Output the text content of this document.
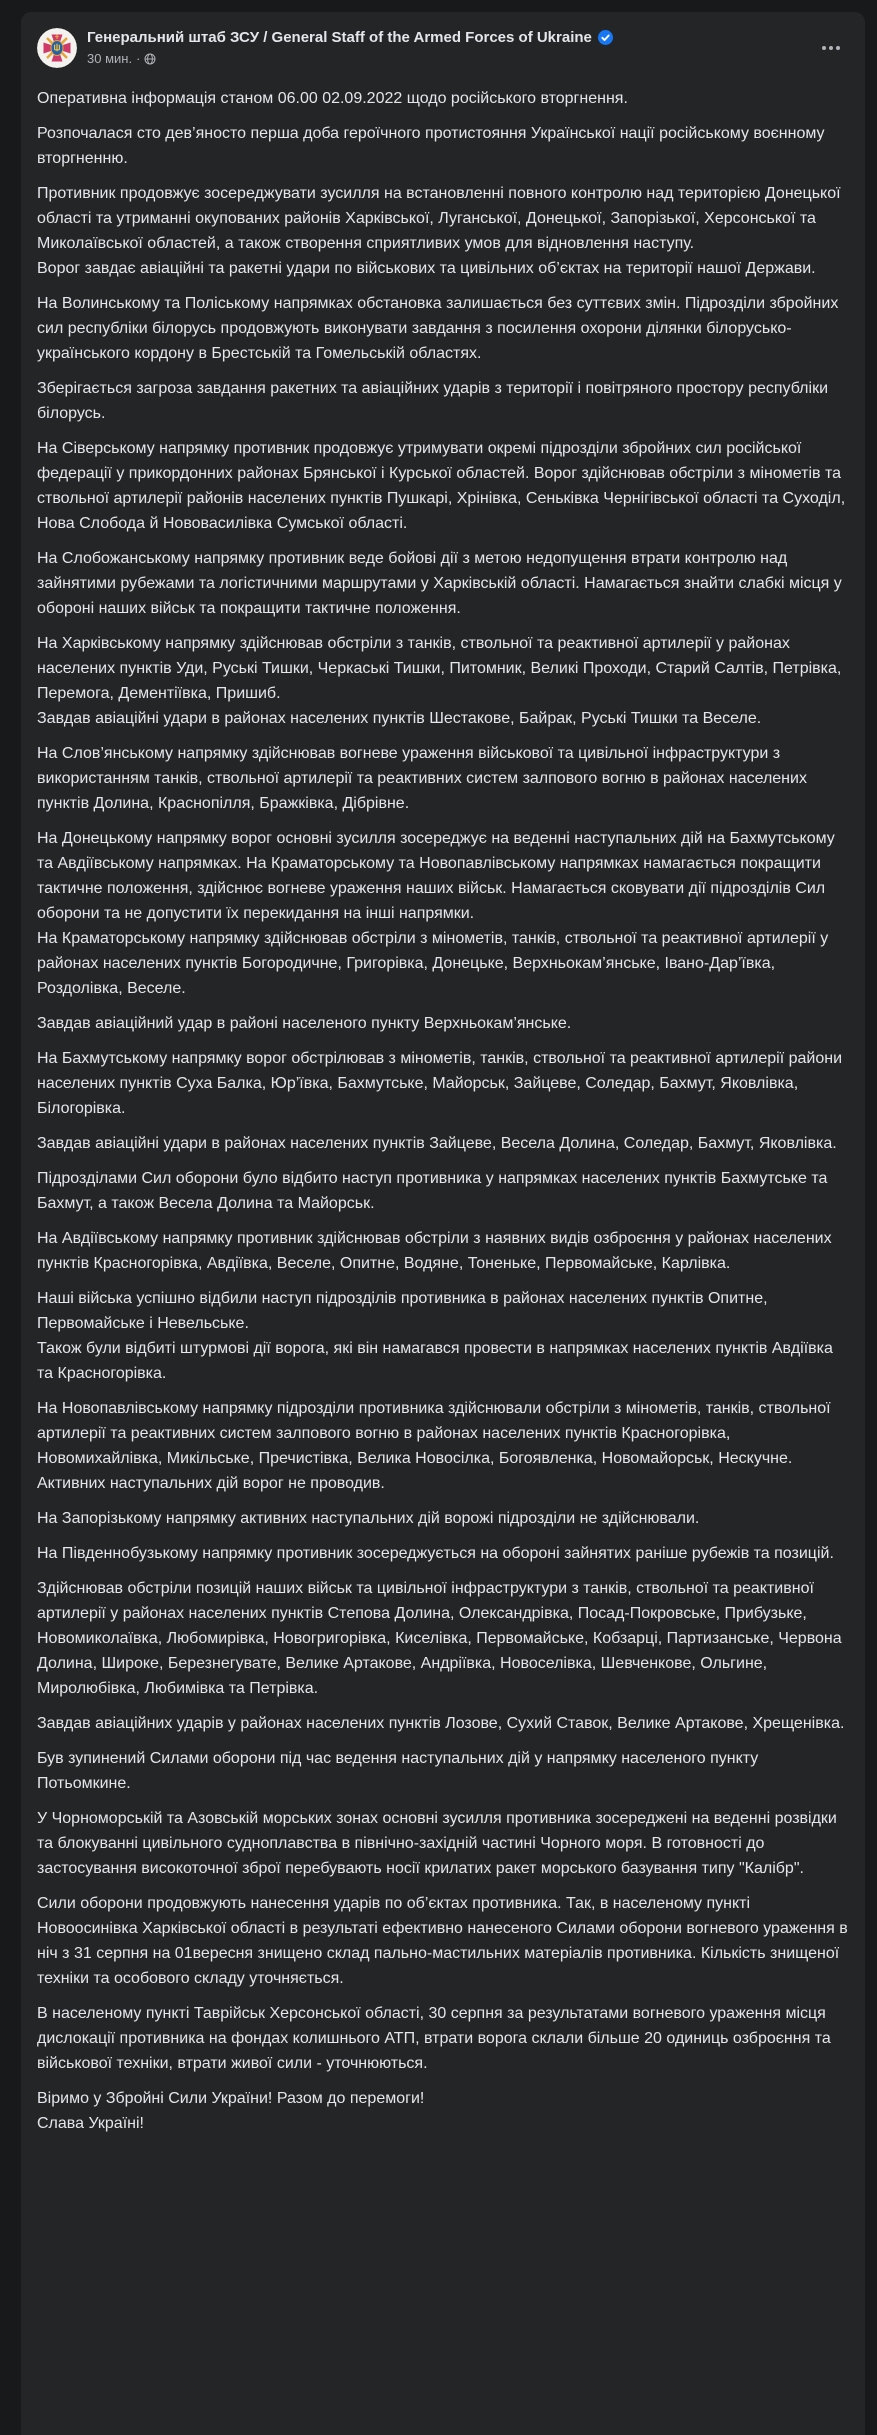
Генеральний штаб ЗСУ / General Staff of the Armed Forces of Ukraine
30 мин. ·
Оперативна інформація станом 06.00 02.09.2022 щодо російського вторгнення.
Розпочалася сто дев’яносто перша доба героїчного протистояння Української нації російському воєнному вторгненню.
Противник продовжує зосереджувати зусилля на встановленні повного контролю над територією Донецької області та утриманні окупованих районів Харківської, Луганської, Донецької, Запорізької, Херсонської та Миколаївської областей, а також створення сприятливих умов для відновлення наступу.
Ворог завдає авіаційні та ракетні удари по військових та цивільних об’єктах на території нашої Держави.
На Волинському та Поліському напрямках обстановка залишається без суттєвих змін. Підрозділи збройних сил республіки білорусь продовжують виконувати завдання з посилення охорони ділянки білорусько-українського кордону в Брестській та Гомельській областях.
Зберігається загроза завдання ракетних та авіаційних ударів з території і повітряного простору республіки білорусь.
На Сіверському напрямку противник продовжує утримувати окремі підрозділи збройних сил російської федерації у прикордонних районах Брянської і Курської областей. Ворог здійснював обстріли з мінометів та ствольної артилерії районів населених пунктів Пушкарі, Хрінівка, Сеньківка Чернігівської області та Суходіл, Нова Слобода й Нововасилівка Сумської області.
На Слобожанському напрямку противник веде бойові дії з метою недопущення втрати контролю над зайнятими рубежами та логістичними маршрутами у Харківській області. Намагається знайти слабкі місця у обороні наших військ та покращити тактичне положення.
На Харківському напрямку здійснював обстріли з танків, ствольної та реактивної артилерії у районах населених пунктів Уди, Руські Тишки, Черкаські Тишки, Питомник, Великі Проходи, Старий Салтів, Петрівка, Перемога, Дементіївка, Пришиб.
Завдав авіаційні удари в районах населених пунктів Шестакове, Байрак, Руські Тишки та Веселе.
На Слов’янському напрямку здійснював вогневе ураження військової та цивільної інфраструктури з використанням танків, ствольної артилерії та реактивних систем залпового вогню в районах населених пунктів Долина, Краснопілля, Бражківка, Дібрівне.
На Донецькому напрямку ворог основні зусилля зосереджує на веденні наступальних дій на Бахмутському та Авдіївському напрямках. На Краматорському та Новопавлівському напрямках намагається покращити тактичне положення, здійснює вогневе ураження наших військ. Намагається сковувати дії підрозділів Сил оборони та не допустити їх перекидання на інші напрямки.
На Краматорському напрямку здійснював обстріли з мінометів, танків, ствольної та реактивної артилерії у районах населених пунктів Богородичне, Григорівка, Донецьке, Верхньокам’янське, Івано-Дар’ївка, Роздолівка, Веселе.
Завдав авіаційний удар в районі населеного пункту Верхньокам’янське.
На Бахмутському напрямку ворог обстрілював з мінометів, танків, ствольної та реактивної артилерії райони населених пунктів Суха Балка, Юр’ївка, Бахмутське, Майорськ, Зайцеве, Соледар, Бахмут, Яковлівка, Білогорівка.
Завдав авіаційні удари в районах населених пунктів Зайцеве, Весела Долина, Соледар, Бахмут, Яковлівка.
Підрозділами Сил оборони було відбито наступ противника у напрямках населених пунктів Бахмутське та Бахмут, а також Весела Долина та Майорськ.
На Авдіївському напрямку противник здійснював обстріли з наявних видів озброєння у районах населених пунктів Красногорівка, Авдіївка, Веселе, Опитне, Водяне, Тоненьке, Первомайське, Карлівка.
Наші війська успішно відбили наступ підрозділів противника в районах населених пунктів Опитне, Первомайське і Невельське.
Також були відбиті штурмові дії ворога, які він намагався провести в напрямках населених пунктів Авдіївка та Красногорівка.
На Новопавлівському напрямку підрозділи противника здійснювали обстріли з мінометів, танків, ствольної артилерії та реактивних систем залпового вогню в районах населених пунктів Красногорівка, Новомихайлівка, Микільське, Пречистівка, Велика Новосілка, Богоявленка, Новомайорськ, Нескучне. Активних наступальних дій ворог не проводив.
На Запорізькому напрямку активних наступальних дій ворожі підрозділи не здійснювали.
На Південнобузькому напрямку противник зосереджується на обороні зайнятих раніше рубежів та позицій.
Здійснював обстріли позицій наших військ та цивільної інфраструктури з танків, ствольної та реактивної артилерії у районах населених пунктів Степова Долина, Олександрівка, Посад-Покровське, Прибузьке, Новомиколаївка, Любомирівка, Новогригорівка, Киселівка, Первомайське, Кобзарці, Партизанське, Червона Долина, Широке, Березнегувате, Велике Артакове, Андріївка, Новоселівка, Шевченкове, Ольгине, Миролюбівка, Любимівка та Петрівка.
Завдав авіаційних ударів у районах населених пунктів Лозове, Сухий Ставок, Велике Артакове, Хрещенівка.
Був зупинений Силами оборони під час ведення наступальних дій у напрямку населеного пункту Потьомкине.
У Чорноморській та Азовській морських зонах основні зусилля противника зосереджені на веденні розвідки та блокуванні цивільного судноплавства в північно-західній частині Чорного моря. В готовності до застосування високоточної зброї перебувають носії крилатих ракет морського базування типу "Калібр".
Сили оборони продовжують нанесення ударів по об’єктах противника. Так, в населеному пункті Новоосинівка Харківської області в результаті ефективно нанесеного Силами оборони вогневого ураження в ніч з 31 серпня на 01вересня знищено склад пально-мастильних матеріалів противника. Кількість знищеної техніки та особового складу уточняється.
В населеному пункті Таврійськ Херсонської області, 30 серпня за результатами вогневого ураження місця дислокації противника на фондах колишнього АТП, втрати ворога склали більше 20 одиниць озброєння та військової техніки, втрати живої сили - уточнюються.
Віримо у Збройні Сили України! Разом до перемоги!
Слава Україні!
